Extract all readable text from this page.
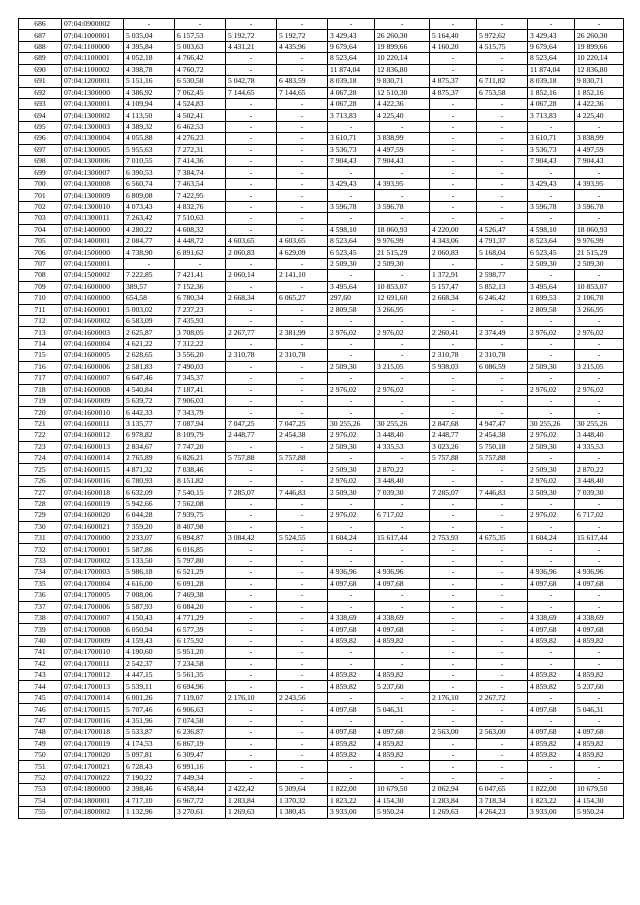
686	07:04:0900002	-	-	-	-	-	-	-	-	-	-
687	07:04:1000001	5 035,04	6 157,53	5 192,72	5 192,72	3 429,43	26 260,30	5 164,40	5 972,62	3 429,43	26 260,30
688	07:04:1100000	4 395,84	5 003,63	4 431,21	4 435,96	9 679,64	19 899,66	4 160,20	4 515,75	9 679,64	19 899,66
689	07:04:1100001	4 052,18	4 766,42	-	-	8 523,64	10 220,14	-	-	8 523,64	10 220,14
690	07:04:1100002	4 398,78	4 760,72	-	-	11 874,04	12 836,80	-	-	11 874,04	12 836,80
691	07:04:1200001	5 151,16	6 530,58	5 042,78	6 483,59	8 039,18	9 830,71	4 875,37	6 711,82	8 039,18	9 830,71
692	07:04:1300000	4 386,92	7 062,45	7 144,65	7 144,65	4 067,28	12 510,30	4 875,37	6 753,58	1 852,16	1 852,16
693	07:04:1300001	4 109,94	4 524,83	-	-	4 067,28	4 422,36	-	-	4 067,28	4 422,36
694	07:04:1300002	4 113,50	4 502,41	-	-	3 713,83	4 225,40	-	-	3 713,83	4 225,40
695	07:04:1300003	4 389,32	6 462,53	-	-	-	-	-	-	-	-
696	07:04:1300004	4 055,88	4 276,23	-	-	3 610,71	3 838,99	-	-	3 610,71	3 838,99
697	07:04:1300005	5 955,63	7 272,31	-	-	3 536,73	4 497,59	-	-	3 536,73	4 497,59
698	07:04:1300006	7 010,55	7 414,36	-	-	7 904,43	7 904,43	-	-	7 904,43	7 904,43
699	07:04:1300007	6 390,53	7 384,74	-	-	-	-	-	-	-	-
700	07:04:1300008	6 560,74	7 463,54	-	-	3 429,43	4 393,95	-	-	3 429,43	4 393,95
701	07:04:1300009	6 809,08	7 422,95	-	-	-	-	-	-	-	-
702	07:04:1300010	4 073,43	4 832,76	-	-	3 596,78	3 596,78	-	-	3 596,78	3 596,78
703	07:04:1300011	7 263,42	7 510,63	-	-	-	-	-	-	-	-
704	07:04:1400000	4 280,22	4 608,32	-	-	4 598,10	18 060,93	4 220,00	4 526,47	4 598,10	18 060,93
705	07:04:1400001	2 084,77	4 448,72	4 603,65	4 603,65	8 523,64	9 976,99	4 343,06	4 791,37	8 523,64	9 976,99
706	07:04:1500000	4 738,90	6 891,62	2 060,83	4 629,09	6 523,45	21 515,29	2 060,83	5 168,04	6 523,45	21 515,29
707	07:04:1500001	-	-	-	-	2 509,30	2 509,30	-	-	2 509,30	2 509,30
708	07:04:1500002	7 222,85	7 421,41	2 060,14	2 141,10	-	-	1 372,91	2 598,77	-	-
709	07:04:1600000	389,57	7 152,36	-	-	3 495,64	10 853,07	5 157,47	5 852,13	3 495,64	10 853,07
710	07:04:1600000	654,58	6 780,34	2 668,34	6 065,27	297,60	12 691,60	2 668,34	6 246,42	1 699,53	2 106,78
711	07:04:1600001	5 003,02	7 237,23	-	-	2 809,58	3 266,95	-	-	2 809,58	3 266,95
712	07:04:1600002	6 583,09	7 435,93	-	-	-	-	-	-	-	-
713	07:04:1600003	2 625,87	3 708,05	2 267,77	2 381,99	2 976,02	2 976,02	2 260,41	2 374,49	2 976,02	2 976,02
714	07:04:1600004	4 621,22	7 312,22	-	-	-	-	-	-	-	-
715	07:04:1600005	2 628,65	3 556,20	2 310,78	2 310,78	-	-	2 310,78	2 310,78	-	-
716	07:04:1600006	2 581,83	7 490,03	-	-	2 509,30	3 215,05	5 938,03	6 086,59	2 509,30	3 215,05
717	07:04:1600007	6 647,46	7 345,37	-	-	-	-	-	-	-	-
718	07:04:1600008	4 540,84	7 187,41	-	-	2 976,02	2 976,02	-	-	2 976,02	2 976,02
719	07:04:1600009	5 639,72	7 906,03	-	-	-	-	-	-	-	-
720	07:04:1600010	6 442,33	7 343,79	-	-	-	-	-	-	-	-
721	07:04:1600011	3 135,77	7 087,94	7 047,25	7 047,25	30 255,26	30 255,26	2 847,68	4 947,47	30 255,26	30 255,26
722	07:04:1600012	6 978,82	8 109,79	2 448,77	2 454,38	2 976,02	3 448,40	2 448,77	2 454,38	2 976,02	3 448,40
723	07:04:1600013	2 834,67	7 747,20	-	-	2 509,30	4 335,53	3 023,26	5 750,18	2 509,30	4 335,53
724	07:04:1600014	2 765,89	6 826,21	5 757,88	5 757,88	-	-	5 757,88	5 757,88	-	-
725	07:04:1600015	4 871,32	7 038,46	-	-	2 509,30	2 870,22	-	-	2 509,30	2 870,22
726	07:04:1600016	6 780,93	8 151,82	-	-	2 976,02	3 448,40	-	-	2 976,02	3 448,40
727	07:04:1600018	6 632,09	7 540,15	7 285,07	7 446,83	2 509,30	7 039,30	7 285,07	7 446,83	2 509,30	7 039,30
728	07:04:1600019	5 942,66	7 562,08	-	-	-	-	-	-	-	-
729	07:04:1600020	6 044,28	7 939,75	-	-	2 976,02	6 717,02	-	-	2 976,02	6 717,02
730	07:04:1600021	7 359,20	8 407,98	-	-	-	-	-	-	-	-
731	07:04:1700000	2 233,07	6 894,87	3 084,42	5 524,55	1 604,24	15 617,44	2 753,93	4 675,35	1 604,24	15 617,44
732	07:04:1700001	5 587,86	6 016,85	-	-	-	-	-	-	-	-
733	07:04:1700002	5 133,50	5 797,80	-	-	-	-	-	-	-	-
734	07:04:1700003	5 986,18	6 521,29	-	-	4 936,96	4 936,96	-	-	4 936,96	4 936,96
735	07:04:1700004	4 616,00	6 091,28	-	-	4 097,68	4 097,68	-	-	4 097,68	4 097,68
736	07:04:1700005	7 008,06	7 469,38	-	-	-	-	-	-	-	-
737	07:04:1700006	5 587,93	6 084,20	-	-	-	-	-	-	-	-
738	07:04:1700007	4 150,43	4 771,29	-	-	4 338,69	4 338,69	-	-	4 338,69	4 338,69
739	07:04:1700008	6 050,94	6 577,39	-	-	4 097,68	4 097,68	-	-	4 097,68	4 097,68
740	07:04:1700009	4 159,43	6 175,92	-	-	4 859,82	4 859,82	-	-	4 859,82	4 859,82
741	07:04:1700010	4 190,60	5 951,20	-	-	-	-	-	-	-	-
742	07:04:1700011	2 542,37	7 234,58	-	-	-	-	-	-	-	-
743	07:04:1700012	4 447,15	5 561,35	-	-	4 859,82	4 859,82	-	-	4 859,82	4 859,82
744	07:04:1700013	5 539,11	6 694,96	-	-	4 859,82	5 237,60	-	-	4 859,82	5 237,60
745	07:04:1700014	6 001,26	7 119,07	2 176,10	2 243,56	-	-	2 176,10	2 267,72	-	-
746	07:04:1700015	5 707,46	6 906,63	-	-	4 097,68	5 046,31	-	-	4 097,68	5 046,31
747	07:04:1700016	4 351,96	7 074,58	-	-	-	-	-	-	-	-
748	07:04:1700018	5 533,87	6 236,87	-	-	4 097,68	4 097,68	2 563,00	2 563,00	4 097,68	4 097,68
749	07:04:1700019	4 174,53	6 867,19	-	-	4 859,82	4 859,82	-	-	4 859,82	4 859,82
750	07:04:1700020	5 097,81	6 309,47	-	-	4 859,82	4 859,82	-	-	4 859,82	4 859,82
751	07:04:1700021	6 728,43	6 991,16	-	-	-	-	-	-	-	-
752	07:04:1700022	7 190,22	7 449,34	-	-	-	-	-	-	-	-
753	07:04:1800000	2 398,46	6 458,44	2 422,42	5 309,64	1 822,00	10 679,50	2 062,94	6 047,65	1 822,00	10 679,50
754	07:04:1800001	4 717,10	6 967,72	1 283,84	1 370,32	1 823,22	4 154,30	1 283,84	3 718,34	1 823,22	4 154,30
755	07:04:1800002	1 132,96	3 270,61	1 269,63	1 380,45	3 933,00	5 950,24	1 269,63	4 264,23	3 933,00	5 950,24
